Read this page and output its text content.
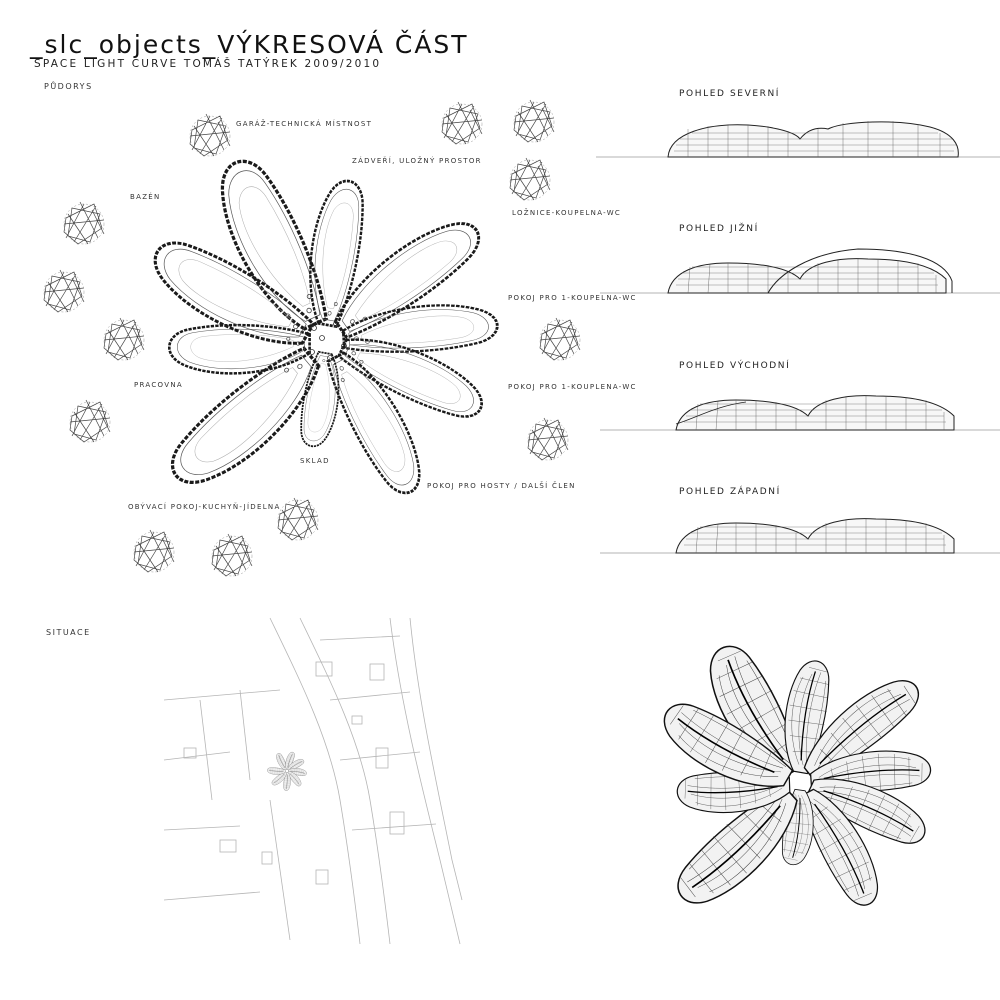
_slc_objects_VÝKRESOVÁ ČÁST
SPACE LIGHT CURVE TOMÁŠ TATÝREK 2009/2010
PŮDORYS
SITUACE
GARÁŽ-TECHNICKÁ MÍSTNOST
ZÁDVEŘÍ, ULOŽNÝ PROSTOR
BAZÉN
LOŽNICE-KOUPELNA-WC
POKOJ PRO 1-KOUPELNA-WC
PRACOVNA	POKOJ PRO 1-KOUPLENA-WC
SKLAD
POKOJ PRO HOSTY / DALŠÍ ČLEN
OBÝVACÍ POKOJ-KUCHYŇ-JÍDELNA
POHLED SEVERNÍ
POHLED JIŽNÍ
POHLED VÝCHODNÍ
POHLED ZÁPADNÍ
